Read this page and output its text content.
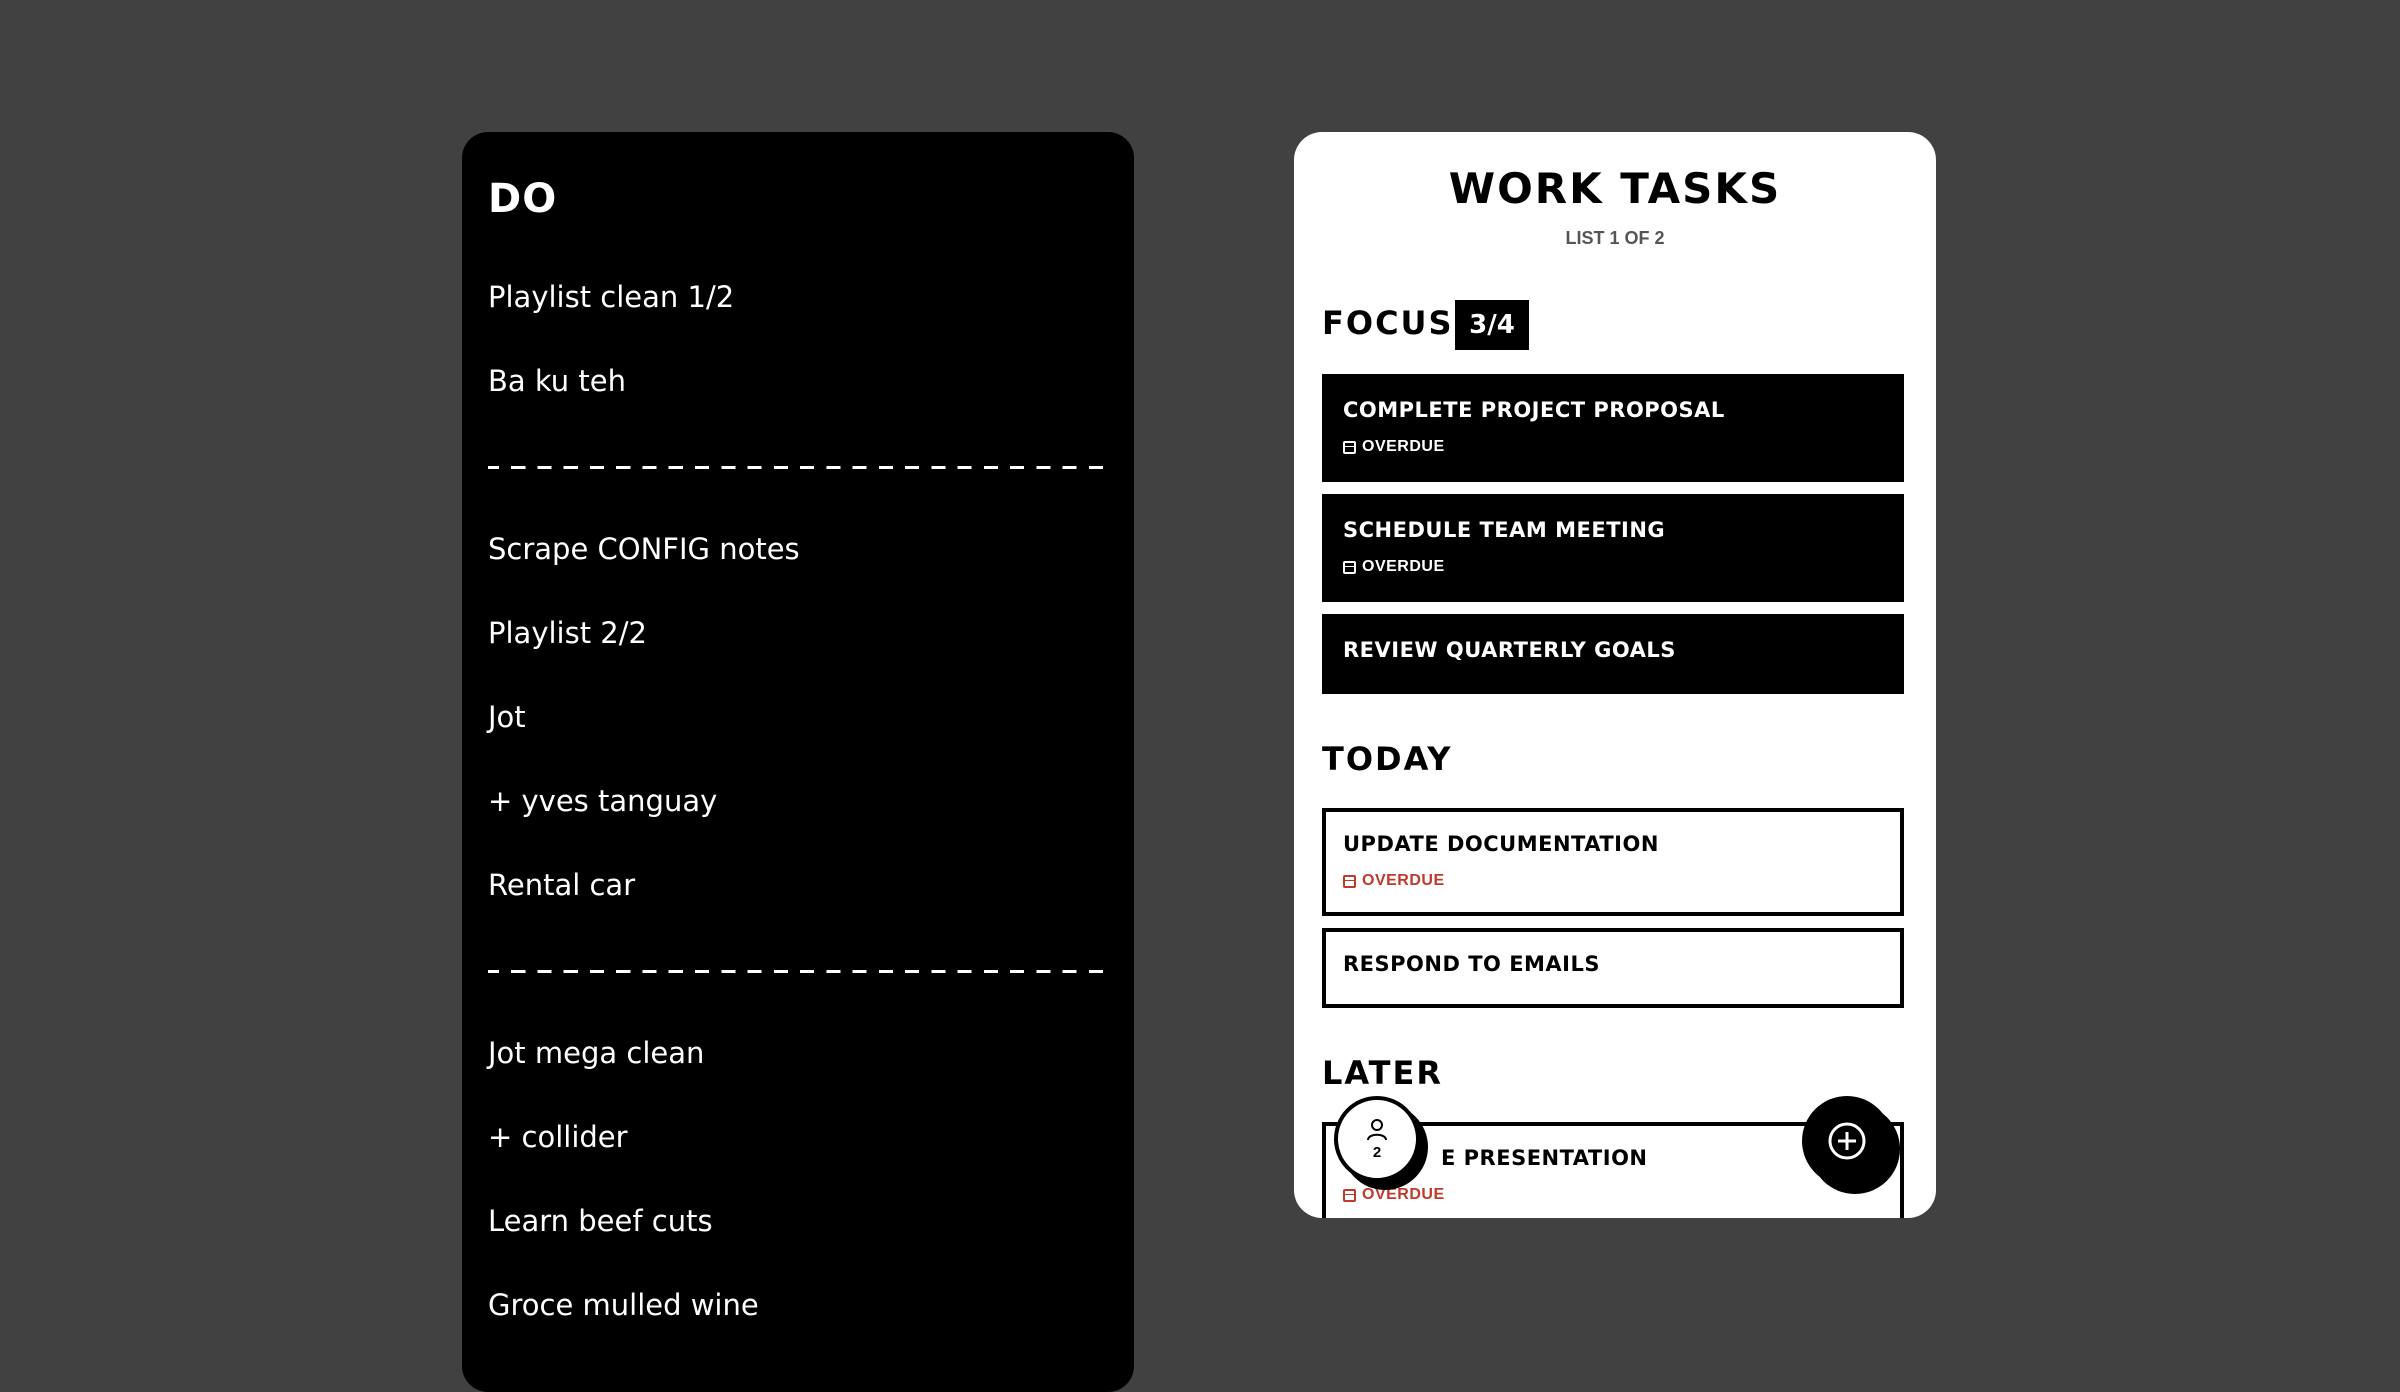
DO
Playlist clean 1/2
Ba ku teh
Scrape CONFIG notes
Playlist 2/2
Jot
+ yves tanguay
Rental car
Jot mega clean
+ collider
Learn beef cuts
Groce mulled wine
WORK TASKS
LIST 1 OF 2
FOCUS 3/4
COMPLETE PROJECT PROPOSAL
OVERDUE
SCHEDULE TEAM MEETING
OVERDUE
REVIEW QUARTERLY GOALS
TODAY
UPDATE DOCUMENTATION
OVERDUE
RESPOND TO EMAILS
LATER
E PRESENTATION
OVERDUE
2
